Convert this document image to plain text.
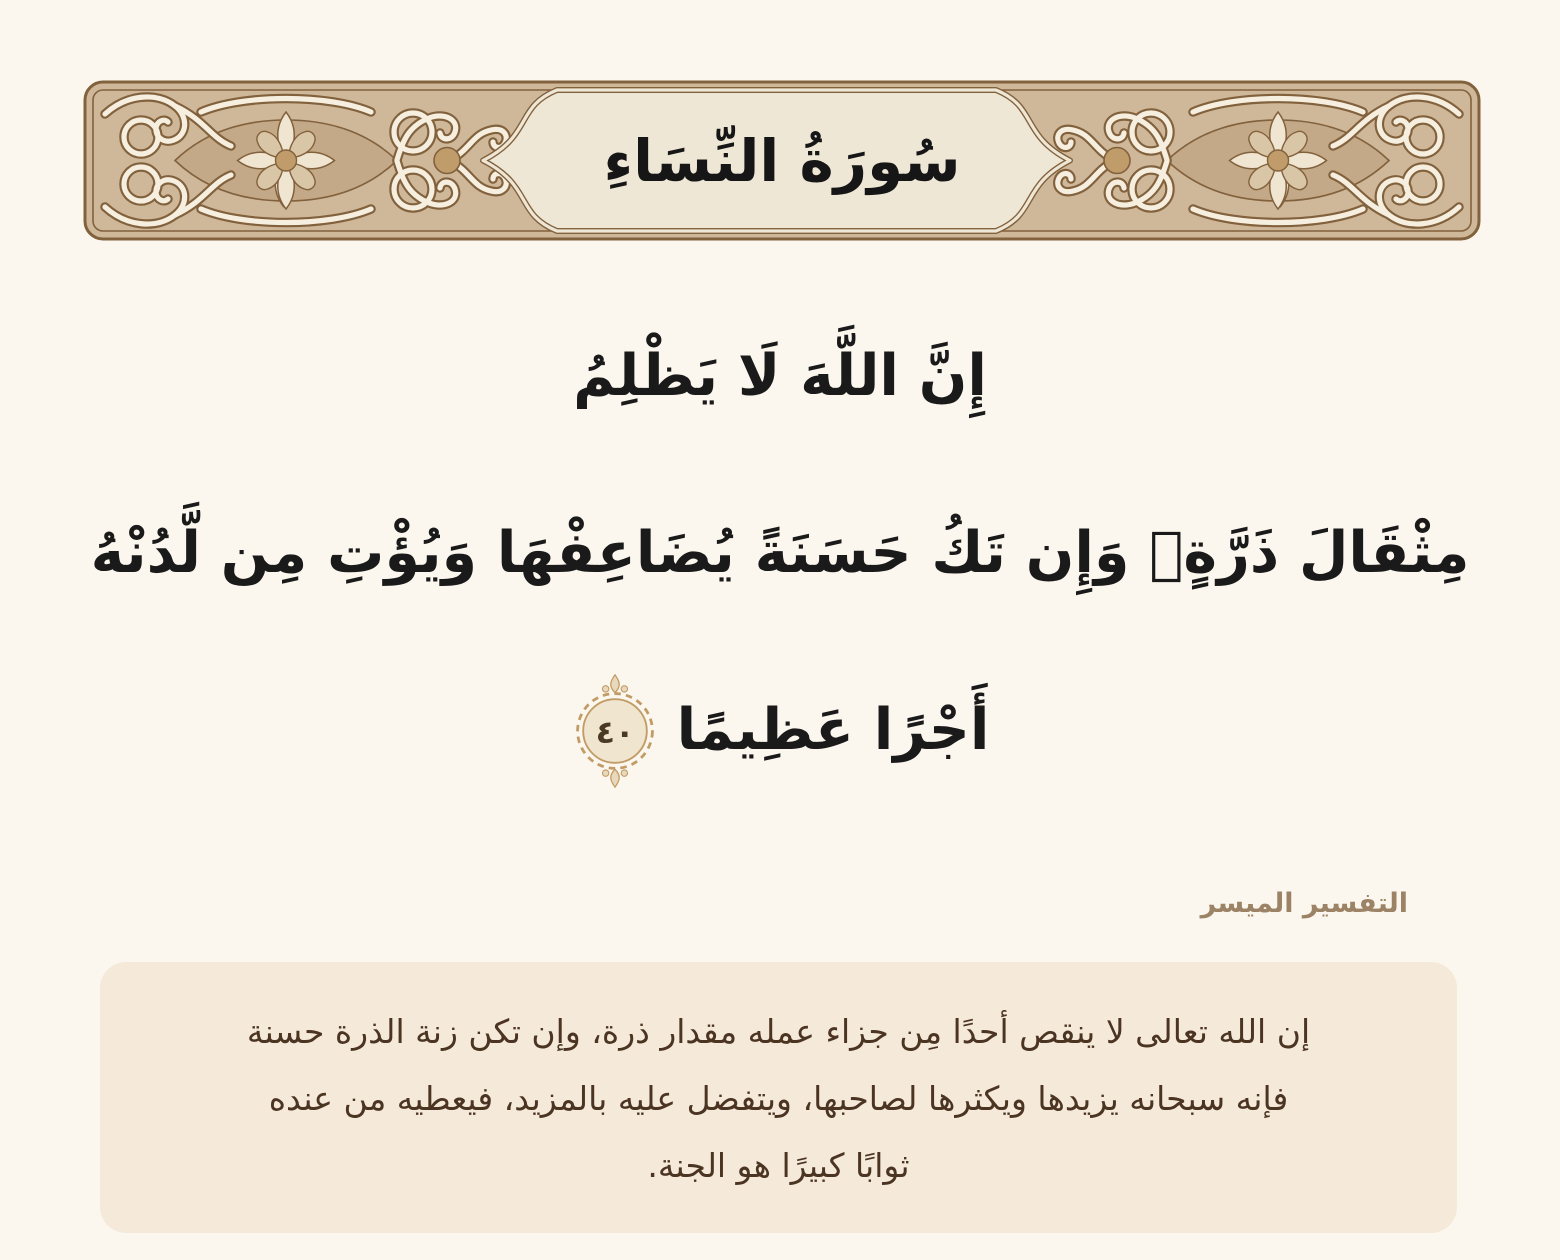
سُورَةُ النِّسَاءِ
إِنَّ اللَّهَ لَا يَظْلِمُ
مِثْقَالَ ذَرَّةٍۖ وَإِن تَكُ حَسَنَةً يُضَاعِفْهَا وَيُؤْتِ مِن لَّدُنْهُ
أَجْرًا عَظِيمًا
٤٠
التفسير الميسر
إن الله تعالى لا ينقص أحدًا مِن جزاء عمله مقدار ذرة، وإن تكن زنة الذرة حسنة
فإنه سبحانه يزيدها ويكثرها لصاحبها، ويتفضل عليه بالمزيد، فيعطيه من عنده
ثوابًا كبيرًا هو الجنة.
